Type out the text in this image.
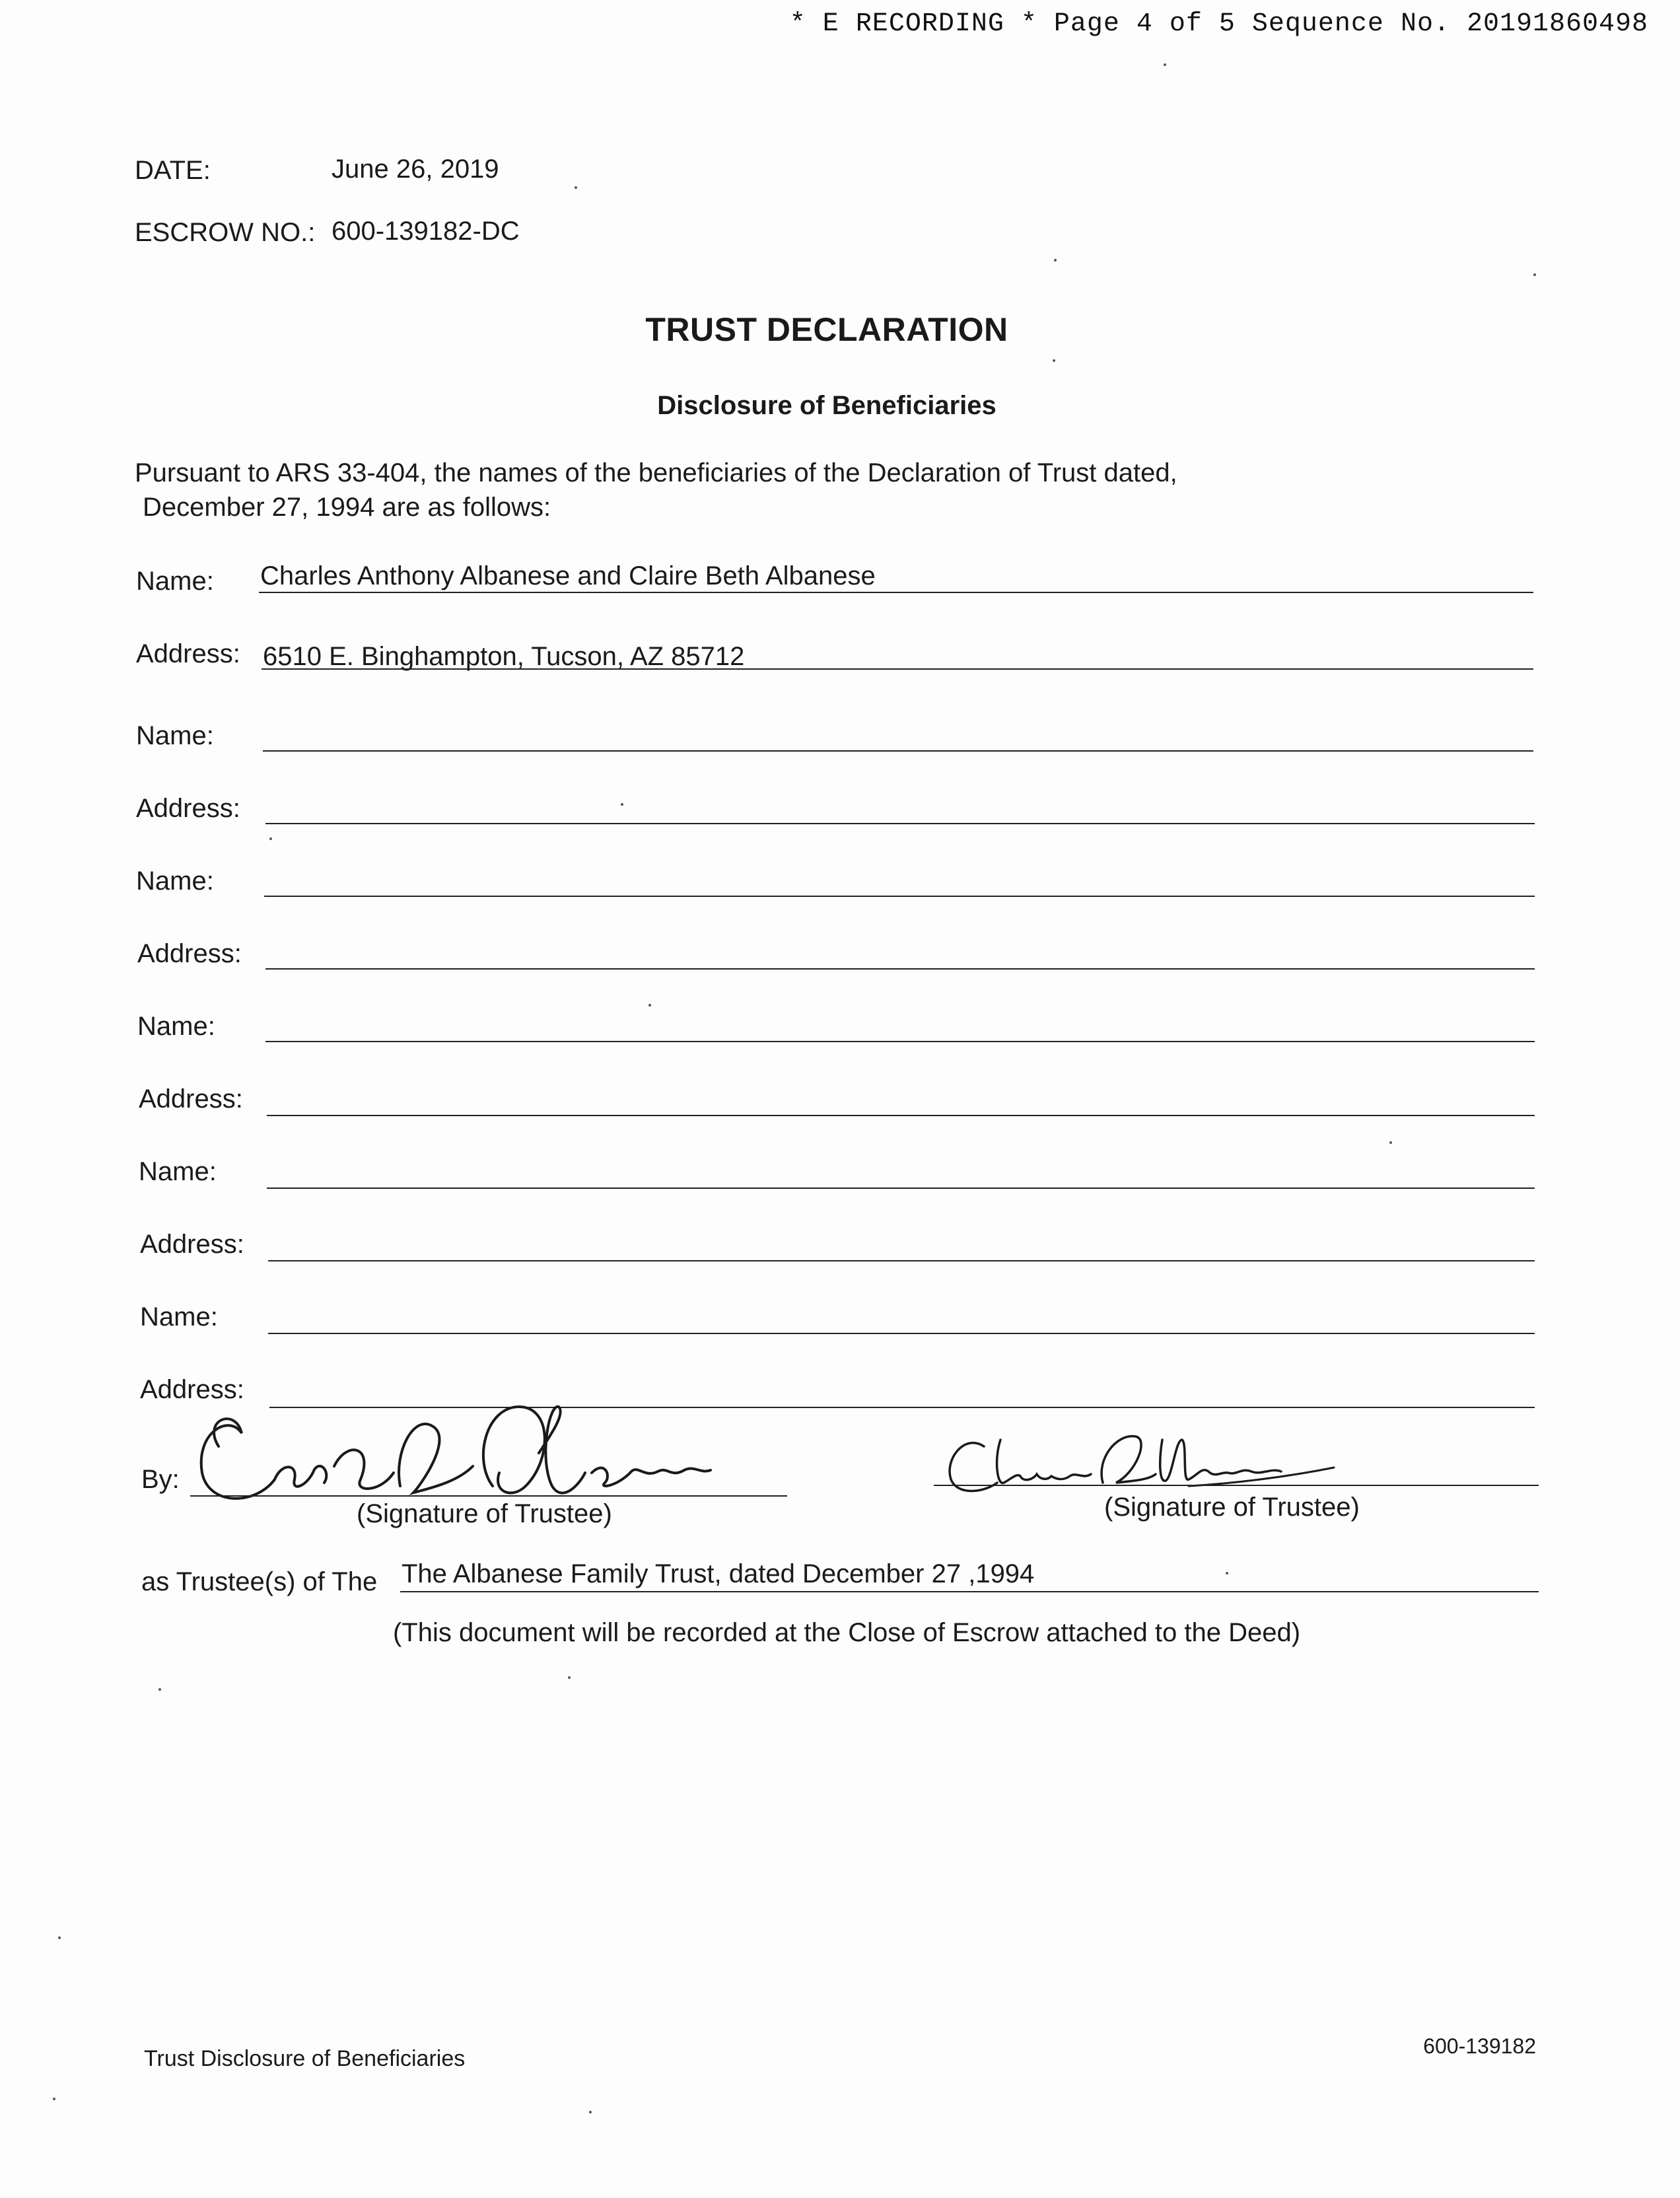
* E RECORDING * Page 4 of 5 Sequence No. 20191860498
DATE:	June 26, 2019
ESCROW NO.: 600-139182-DC
TRUST DECLARATION
Disclosure of Beneficiaries
Pursuant to ARS 33-404, the names of the beneficiaries of the Declaration of Trust dated,
December 27, 1994 are as follows:
Name: Charles Anthony Albanese and Claire Beth Albanese
Address: 6510 E. Binghampton, Tucson, AZ 85712
Name:
Address:
Name:
Address:
Name:
Address:
Name:
Address:
Name:
Address:
By:
(Signature of Trustee)	(Signature of Trustee)
as Trustee(s) of The The Albanese Family Trust, dated December 27 ,1994
(This document will be recorded at the Close of Escrow attached to the Deed)
Trust Disclosure of Beneficiaries	600-139182
